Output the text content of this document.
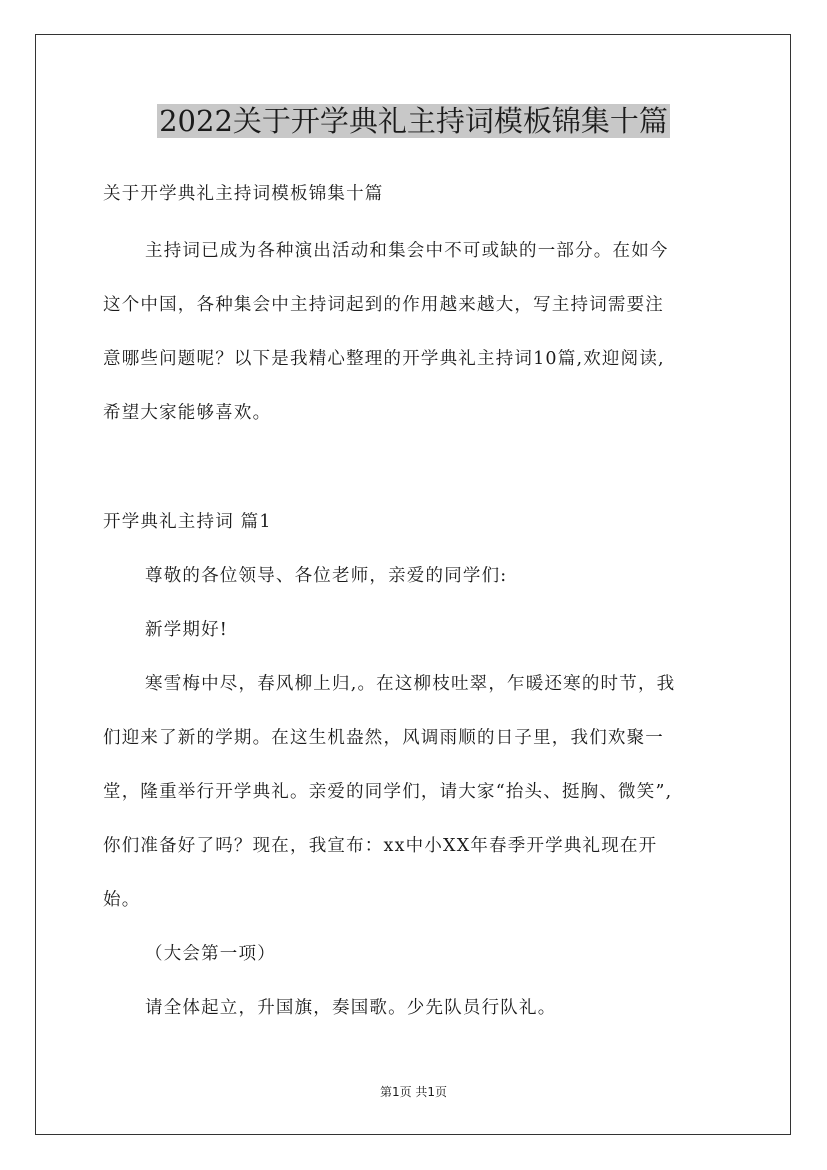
2022关于开学典礼主持词模板锦集十篇
关于开学典礼主持词模板锦集十篇
主持词已成为各种演出活动和集会中不可或缺的一部分。在如今
这个中国，各种集会中主持词起到的作用越来越大，写主持词需要注
意哪些问题呢？以下是我精心整理的开学典礼主持词10篇,欢迎阅读,
希望大家能够喜欢。
开学典礼主持词 篇1
尊敬的各位领导、各位老师，亲爱的同学们:
新学期好!
寒雪梅中尽，春风柳上归,。在这柳枝吐翠，乍暖还寒的时节，我
们迎来了新的学期。在这生机盎然，风调雨顺的日子里，我们欢聚一
堂，隆重举行开学典礼。亲爱的同学们，请大家“抬头、挺胸、微笑”,
你们准备好了吗？现在，我宣布：xx中小XX年春季开学典礼现在开
始。
（大会第一项）
请全体起立，升国旗，奏国歌。少先队员行队礼。
第1页 共1页
